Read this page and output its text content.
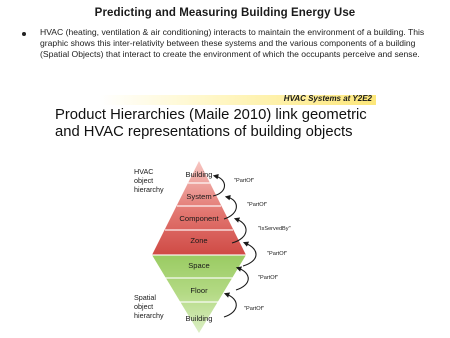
Predicting and Measuring Building Energy Use
HVAC (heating, ventilation & air conditioning) interacts to maintain the environment of a building. This graphic shows this inter-relativity between these systems and the various components of a building (Spatial Objects) that interact to create the environment of which the occupants perceive and sense.
HVAC Systems at Y2E2
Product Hierarchies (Maile 2010) link geometric
and HVAC representations of building objects
HVAC
object
hierarchy
Spatial
object
hierarchy
Building
System
Component
Zone
Space
Floor
Building
"PartOf"
"PartOf"
"IsServedBy"
"PartOf"
"PartOf"
"PartOf"
